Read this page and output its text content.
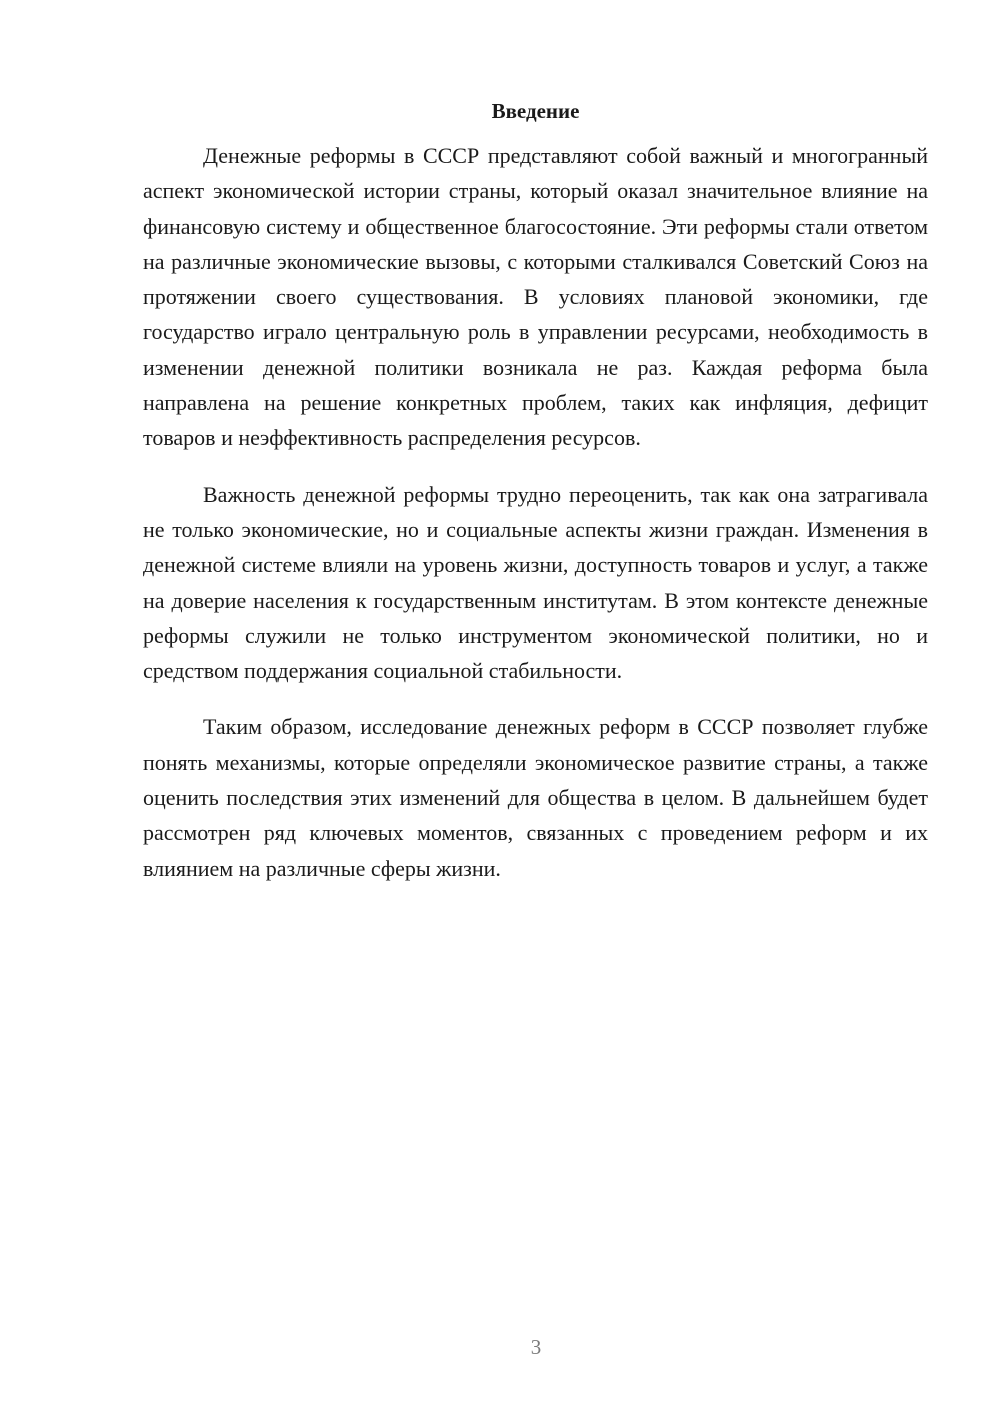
Введение

Денежные реформы в СССР представляют собой важный и многогранный аспект экономической истории страны, который оказал значительное влияние на финансовую систему и общественное благосостояние. Эти реформы стали ответом на различные экономические вызовы, с которыми сталкивался Советский Союз на протяжении своего существования. В условиях плановой экономики, где государство играло центральную роль в управлении ресурсами, необходимость в изменении денежной политики возникала не раз. Каждая реформа была направлена на решение конкретных проблем, таких как инфляция, дефицит товаров и неэффективность распределения ресурсов.

Важность денежной реформы трудно переоценить, так как она затрагивала не только экономические, но и социальные аспекты жизни граждан. Изменения в денежной системе влияли на уровень жизни, доступность товаров и услуг, а также на доверие населения к государственным институтам. В этом контексте денежные реформы служили не только инструментом экономической политики, но и средством поддержания социальной стабильности.

Таким образом, исследование денежных реформ в СССР позволяет глубже понять механизмы, которые определяли экономическое развитие страны, а также оценить последствия этих изменений для общества в целом. В дальнейшем будет рассмотрен ряд ключевых моментов, связанных с проведением реформ и их влиянием на различные сферы жизни.

3
